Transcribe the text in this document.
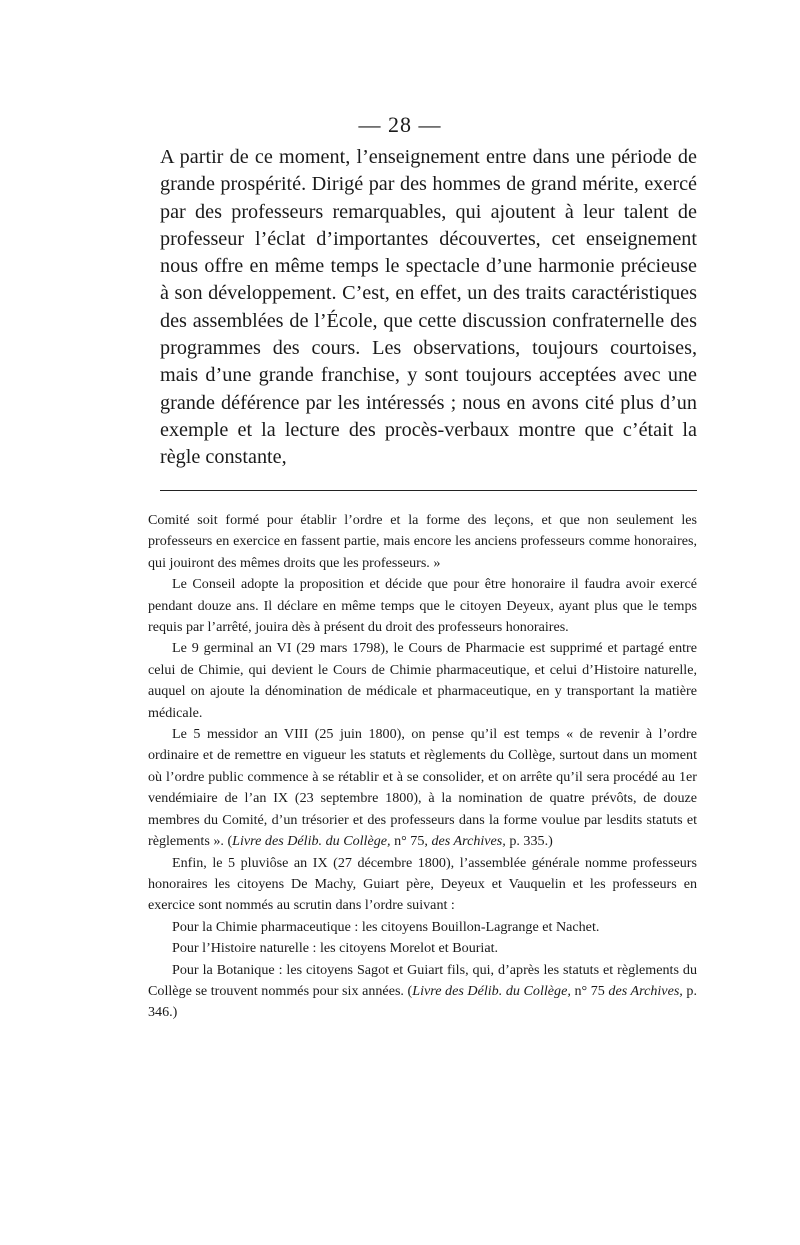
— 28 —

A partir de ce moment, l’enseignement entre dans une période de grande prospérité. Dirigé par des hommes de grand mérite, exercé par des professeurs remarquables, qui ajoutent à leur talent de professeur l’éclat d’importantes découvertes, cet enseignement nous offre en même temps le spectacle d’une harmonie précieuse à son développement. C’est, en effet, un des traits caractéristiques des assemblées de l’École, que cette discussion confraternelle des programmes des cours. Les observations, toujours courtoises, mais d’une grande franchise, y sont toujours acceptées avec une grande déférence par les intéressés ; nous en avons cité plus d’un exemple et la lecture des procès-verbaux montre que c’était la règle constante,

Comité soit formé pour établir l’ordre et la forme des leçons, et que non seulement les professeurs en exercice en fassent partie, mais encore les anciens professeurs comme honoraires, qui jouiront des mêmes droits que les professeurs. »

Le Conseil adopte la proposition et décide que pour être honoraire il faudra avoir exercé pendant douze ans. Il déclare en même temps que le citoyen Deyeux, ayant plus que le temps requis par l’arrêté, jouira dès à présent du droit des professeurs honoraires.

Le 9 germinal an VI (29 mars 1798), le Cours de Pharmacie est supprimé et partagé entre celui de Chimie, qui devient le Cours de Chimie pharmaceutique, et celui d’Histoire naturelle, auquel on ajoute la dénomination de médicale et pharmaceutique, en y transportant la matière médicale.

Le 5 messidor an VIII (25 juin 1800), on pense qu’il est temps « de revenir à l’ordre ordinaire et de remettre en vigueur les statuts et règlements du Collège, surtout dans un moment où l’ordre public commence à se rétablir et à se consolider, et on arrête qu’il sera procédé au 1er vendémiaire de l’an IX (23 septembre 1800), à la nomination de quatre prévôts, de douze membres du Comité, d’un trésorier et des professeurs dans la forme voulue par lesdits statuts et règlements ». (Livre des Délib. du Collège, n° 75, des Archives, p. 335.)

Enfin, le 5 pluviôse an IX (27 décembre 1800), l’assemblée générale nomme professeurs honoraires les citoyens De Machy, Guiart père, Deyeux et Vauquelin et les professeurs en exercice sont nommés au scrutin dans l’ordre suivant :

Pour la Chimie pharmaceutique : les citoyens Bouillon-Lagrange et Nachet.

Pour l’Histoire naturelle : les citoyens Morelot et Bouriat.

Pour la Botanique : les citoyens Sagot et Guiart fils, qui, d’après les statuts et règlements du Collège se trouvent nommés pour six années. (Livre des Délib. du Collège, n° 75 des Archives, p. 346.)
